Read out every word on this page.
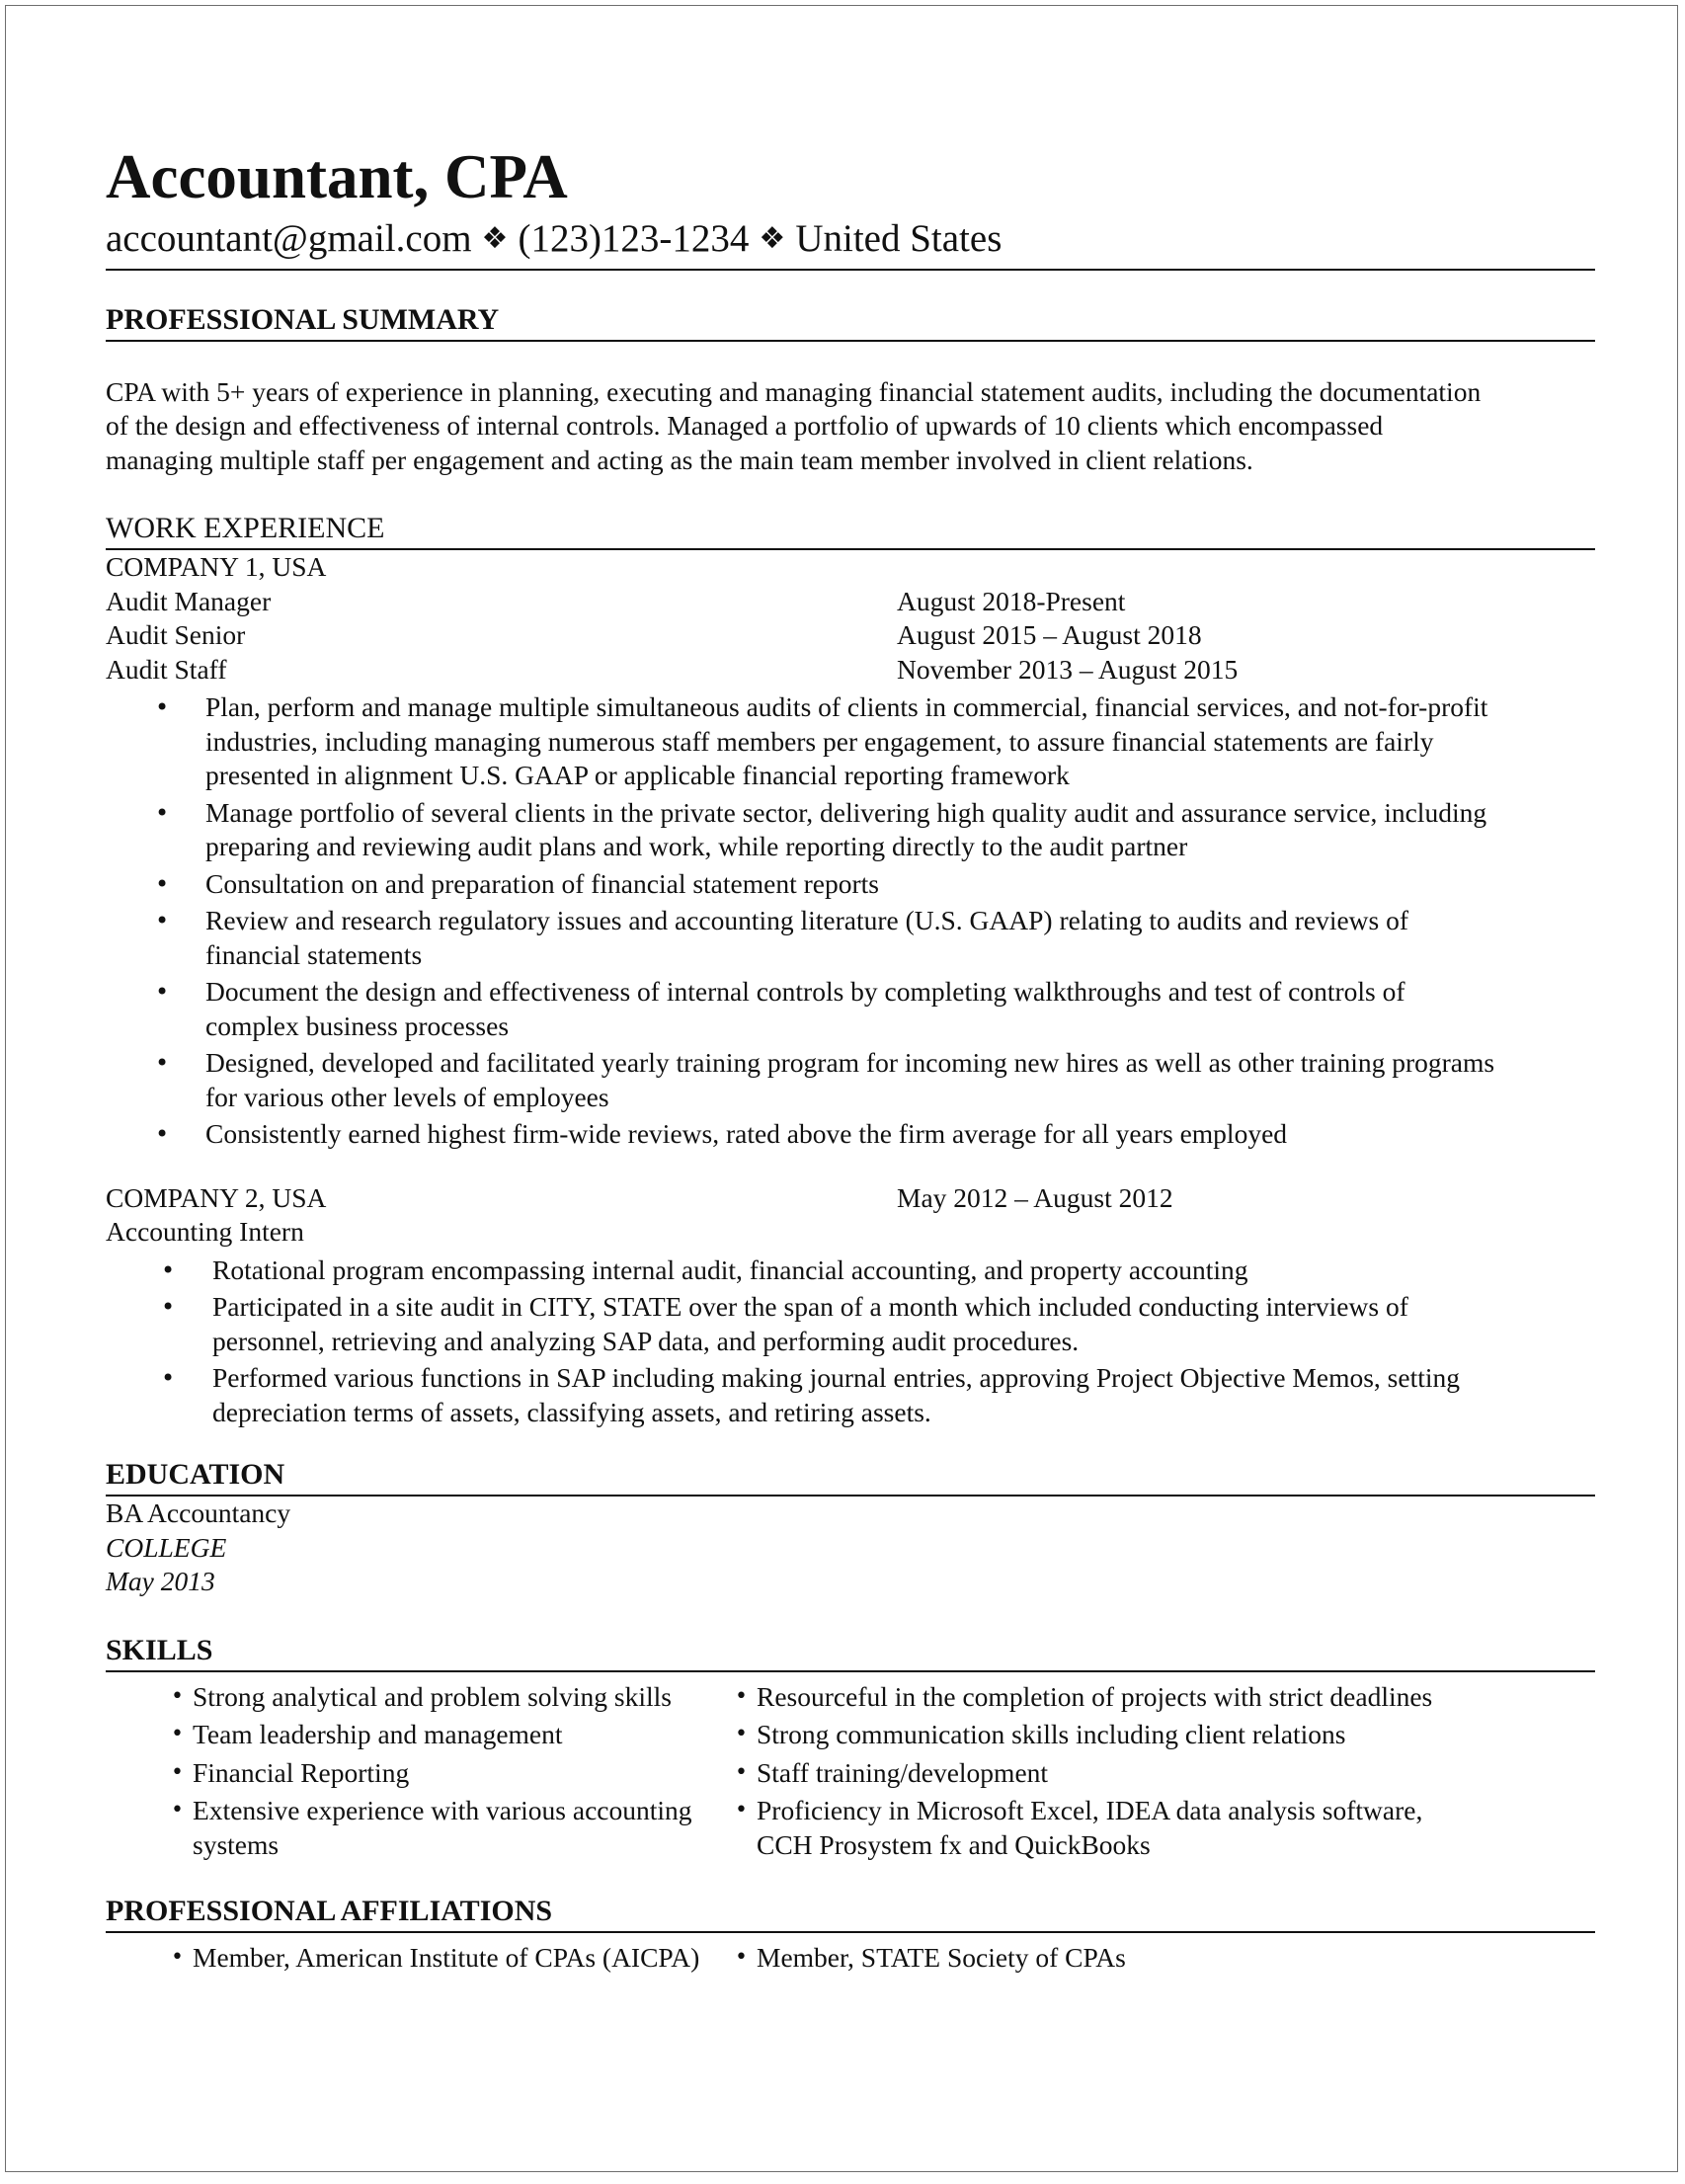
Accountant, CPA
accountant@gmail.com ❖ (123)123-1234 ❖ United States
PROFESSIONAL SUMMARY
CPA with 5+ years of experience in planning, executing and managing financial statement audits, including the documentation
of the design and effectiveness of internal controls. Managed a portfolio of upwards of 10 clients which encompassed
managing multiple staff per engagement and acting as the main team member involved in client relations.
WORK EXPERIENCE
COMPANY 1, USA
Audit Manager	August 2018-Present
Audit Senior	August 2015 – August 2018
Audit Staff	November 2013 – August 2015
• Plan, perform and manage multiple simultaneous audits of clients in commercial, financial services, and not-for-profit
industries, including managing numerous staff members per engagement, to assure financial statements are fairly
presented in alignment U.S. GAAP or applicable financial reporting framework
• Manage portfolio of several clients in the private sector, delivering high quality audit and assurance service, including
preparing and reviewing audit plans and work, while reporting directly to the audit partner
• Consultation on and preparation of financial statement reports
• Review and research regulatory issues and accounting literature (U.S. GAAP) relating to audits and reviews of
financial statements
• Document the design and effectiveness of internal controls by completing walkthroughs and test of controls of
complex business processes
• Designed, developed and facilitated yearly training program for incoming new hires as well as other training programs
for various other levels of employees
• Consistently earned highest firm-wide reviews, rated above the firm average for all years employed
COMPANY 2, USA	May 2012 – August 2012
Accounting Intern
• Rotational program encompassing internal audit, financial accounting, and property accounting
• Participated in a site audit in CITY, STATE over the span of a month which included conducting interviews of
personnel, retrieving and analyzing SAP data, and performing audit procedures.
• Performed various functions in SAP including making journal entries, approving Project Objective Memos, setting
depreciation terms of assets, classifying assets, and retiring assets.
EDUCATION
BA Accountancy
COLLEGE
May 2013
SKILLS
• Strong analytical and problem solving skills
• Team leadership and management
• Financial Reporting
• Extensive experience with various accounting
systems
• Resourceful in the completion of projects with strict deadlines
• Strong communication skills including client relations
• Staff training/development
• Proficiency in Microsoft Excel, IDEA data analysis software,
CCH Prosystem fx and QuickBooks
PROFESSIONAL AFFILIATIONS
• Member, American Institute of CPAs (AICPA)
•	Member, STATE Society of CPAs
